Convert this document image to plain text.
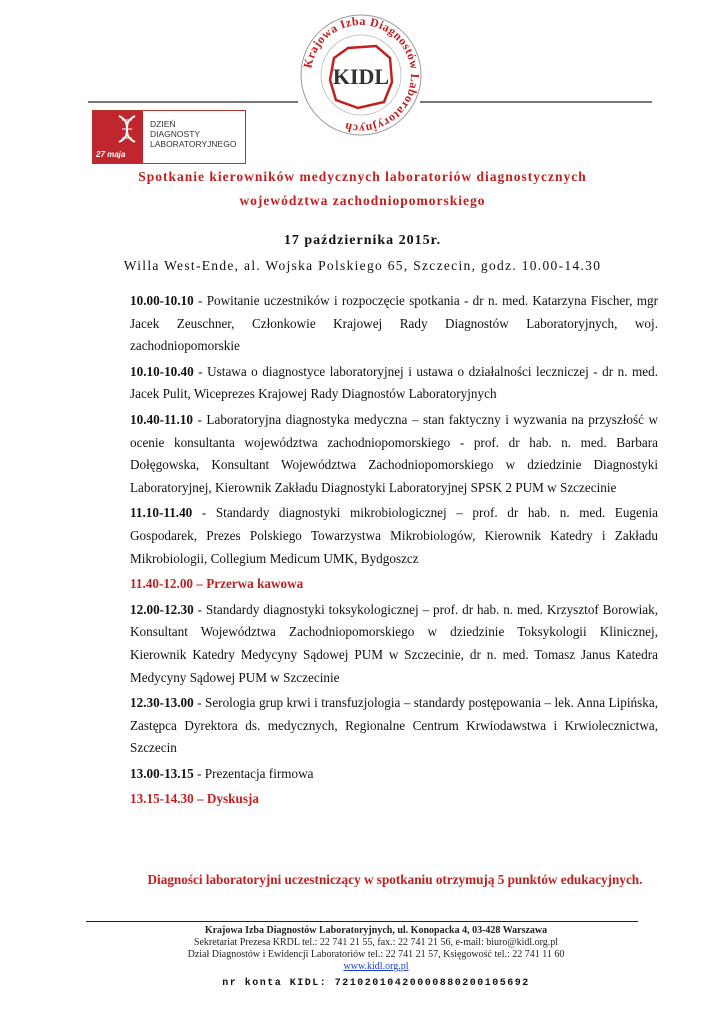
Krajowa Izba Diagnostów Laboratoryjnych
KIDL
27 maja
DZIEŃ
DIAGNOSTY
LABORATORYJNEGO
Spotkanie kierowników medycznych laboratoriów diagnostycznych
województwa zachodniopomorskiego
17 października 2015r.
Willa West-Ende, al. Wojska Polskiego 65, Szczecin, godz. 10.00-14.30

10.00-10.10 - Powitanie uczestników i rozpoczęcie spotkania - dr n. med. Katarzyna Fischer, mgr Jacek Zeuschner, Członkowie Krajowej Rady Diagnostów Laboratoryjnych, woj. zachodniopomorskie

10.10-10.40 - Ustawa o diagnostyce laboratoryjnej i ustawa o działalności leczniczej - dr n. med. Jacek Pulit, Wiceprezes Krajowej Rady Diagnostów Laboratoryjnych

10.40-11.10 - Laboratoryjna diagnostyka medyczna – stan faktyczny i wyzwania na przyszłość w ocenie konsultanta województwa zachodniopomorskiego - prof. dr hab. n. med. Barbara Dołęgowska, Konsultant Województwa Zachodniopomorskiego w dziedzinie Diagnostyki Laboratoryjnej, Kierownik Zakładu Diagnostyki Laboratoryjnej SPSK 2 PUM w Szczecinie

11.10-11.40 - Standardy diagnostyki mikrobiologicznej – prof. dr hab. n. med. Eugenia Gospodarek, Prezes Polskiego Towarzystwa Mikrobiologów, Kierownik Katedry i Zakładu Mikrobiologii, Collegium Medicum UMK, Bydgoszcz

11.40-12.00 – Przerwa kawowa

12.00-12.30 - Standardy diagnostyki toksykologicznej – prof. dr hab. n. med. Krzysztof Borowiak, Konsultant Województwa Zachodniopomorskiego w dziedzinie Toksykologii Klinicznej, Kierownik Katedry Medycyny Sądowej PUM w Szczecinie, dr n. med. Tomasz Janus Katedra Medycyny Sądowej PUM w Szczecinie

12.30-13.00 - Serologia grup krwi i transfuzjologia – standardy postępowania – lek. Anna Lipińska, Zastępca Dyrektora ds. medycznych, Regionalne Centrum Krwiodawstwa i Krwiolecznictwa, Szczecin

13.00-13.15 - Prezentacja firmowa

13.15-14.30 – Dyskusja

Diagności laboratoryjni uczestniczący w spotkaniu otrzymują 5 punktów edukacyjnych.
Krajowa Izba Diagnostów Laboratoryjnych, ul. Konopacka 4, 03-428 Warszawa
Sekretariat Prezesa KRDL tel.: 22 741 21 55, fax.: 22 741 21 56, e-mail: biuro@kidl.org.pl
Dział Diagnostów i Ewidencji Laboratoriów tel.: 22 741 21 57, Księgowość tel.: 22 741 11 60
www.kidl.org.pl
nr konta KIDL: 72102010420000880200105692
